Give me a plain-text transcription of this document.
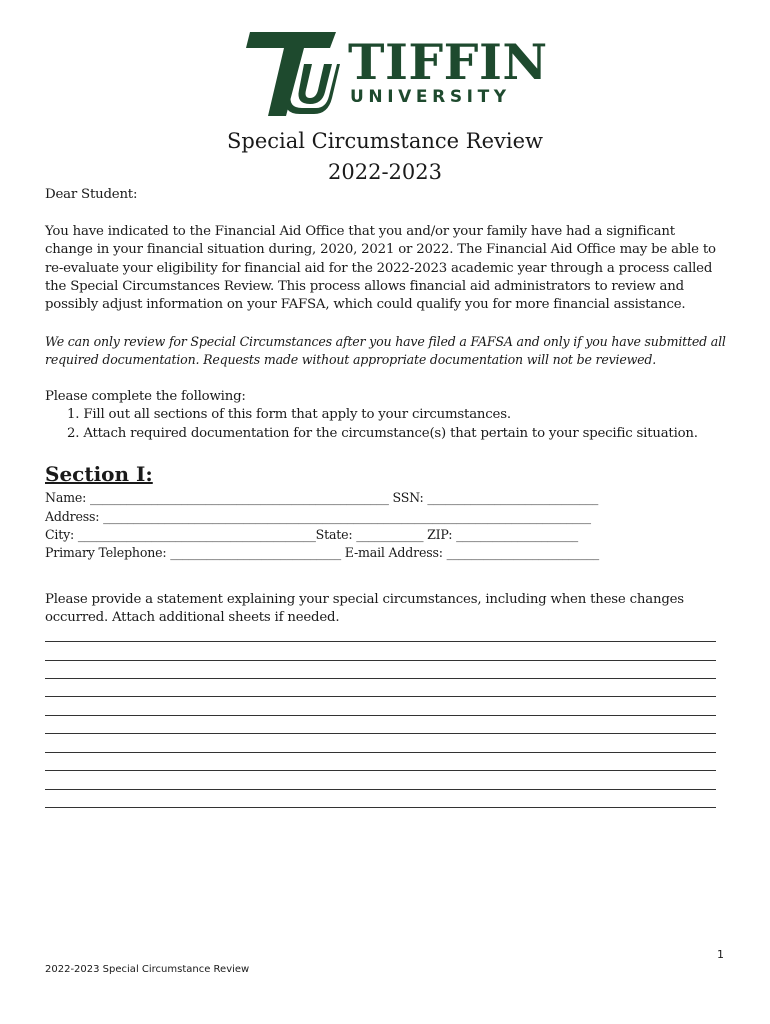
TIFFIN
UNIVERSITY
Special Circumstance Review
2022-2023
Dear Student:
You have indicated to the Financial Aid Office that you and/or your family have had a significant
change in your financial situation during, 2020, 2021 or 2022. The Financial Aid Office may be able to
re-evaluate your eligibility for financial aid for the 2022-2023 academic year through a process called
the Special Circumstances Review. This process allows financial aid administrators to review and
possibly adjust information on your FAFSA, which could qualify you for more financial assistance.
We can only review for Special Circumstances after you have filed a FAFSA and only if you have submitted all
required documentation. Requests made without appropriate documentation will not be reviewed.
Please complete the following:
1. Fill out all sections of this form that apply to your circumstances.
2. Attach required documentation for the circumstance(s) that pertain to your specific situation.
Section I:
Name: _________________________________________________ SSN: ____________________________
Address: ________________________________________________________________________________
City: _______________________________________State: ___________ ZIP: ____________________
Primary Telephone: ____________________________ E-mail Address: _________________________
Please provide a statement explaining your special circumstances, including when these changes
occurred. Attach additional sheets if needed.
1
2022-2023 Special Circumstance Review
